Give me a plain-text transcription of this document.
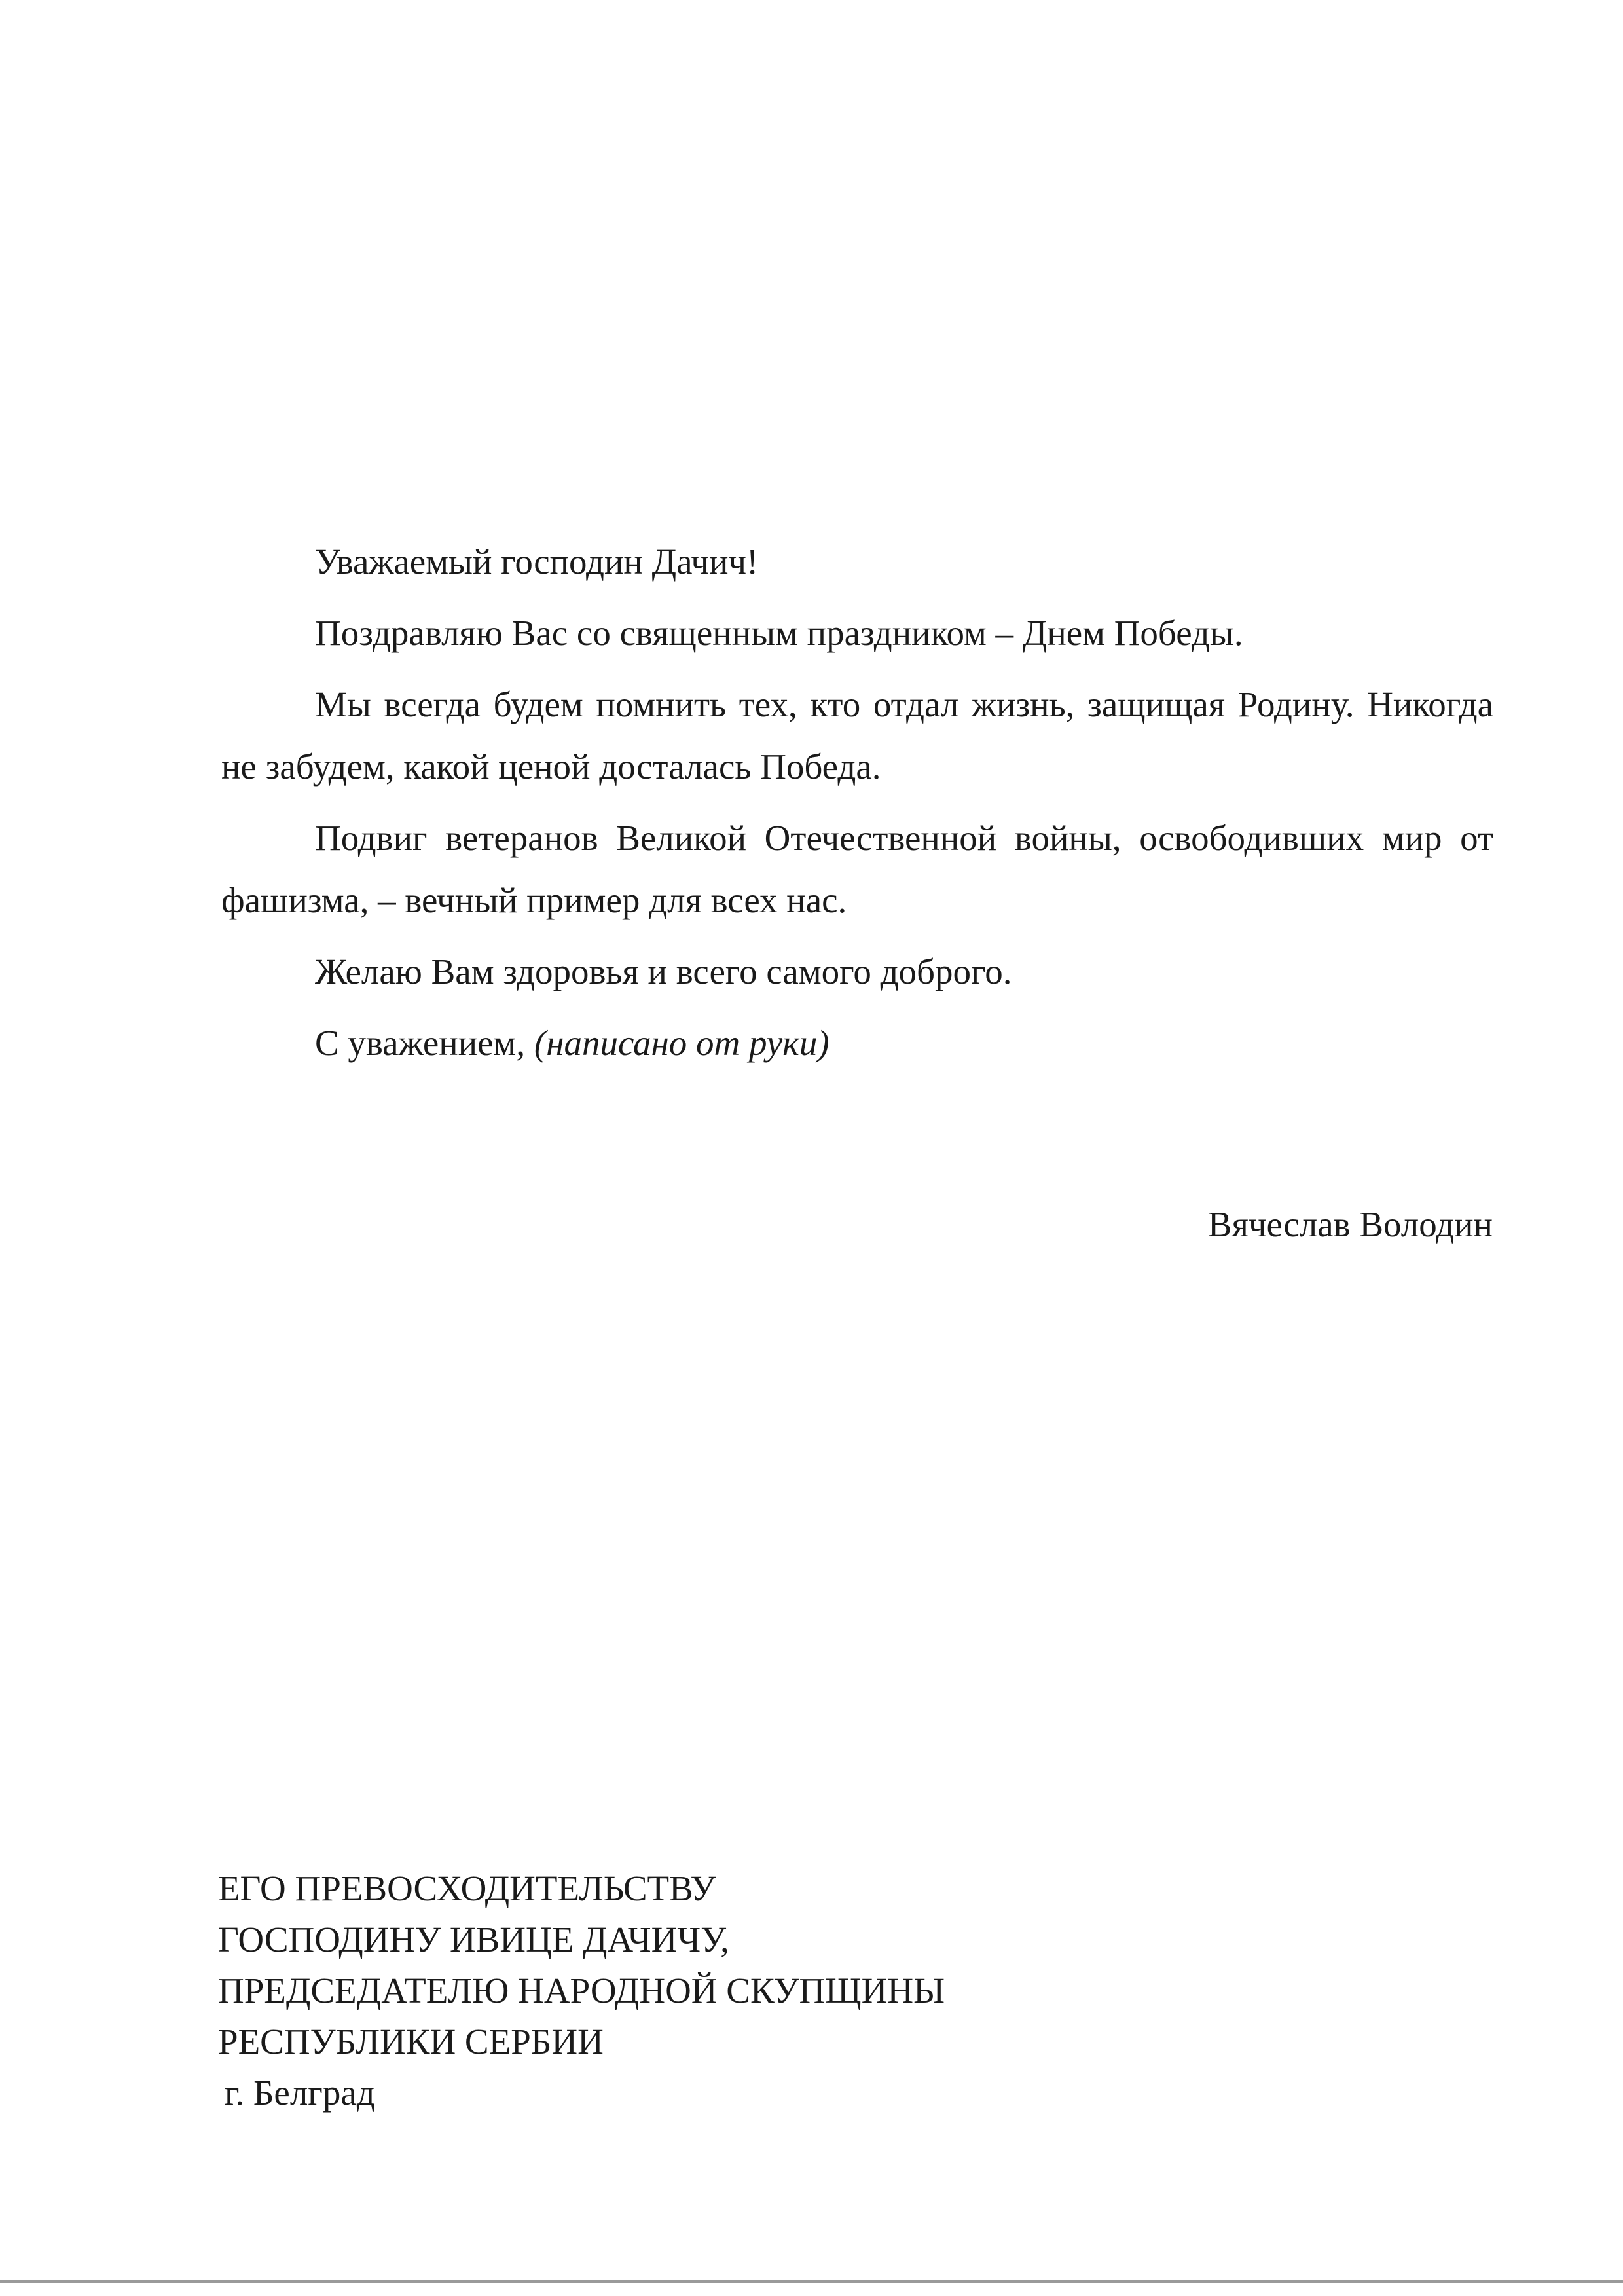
Уважаемый господин Дачич!

Поздравляю Вас со священным праздником – Днем Победы.

Мы всегда будем помнить тех, кто отдал жизнь, защищая Родину. Никогда не забудем, какой ценой досталась Победа.

Подвиг ветеранов Великой Отечественной войны, освободивших мир от фашизма, – вечный пример для всех нас.

Желаю Вам здоровья и всего самого доброго.

С уважением, (написано от руки)

Вячеслав Володин
ЕГО ПРЕВОСХОДИТЕЛЬСТВУ
ГОСПОДИНУ ИВИЦЕ ДАЧИЧУ,
ПРЕДСЕДАТЕЛЮ НАРОДНОЙ СКУПЩИНЫ
РЕСПУБЛИКИ СЕРБИИ
г. Белград
